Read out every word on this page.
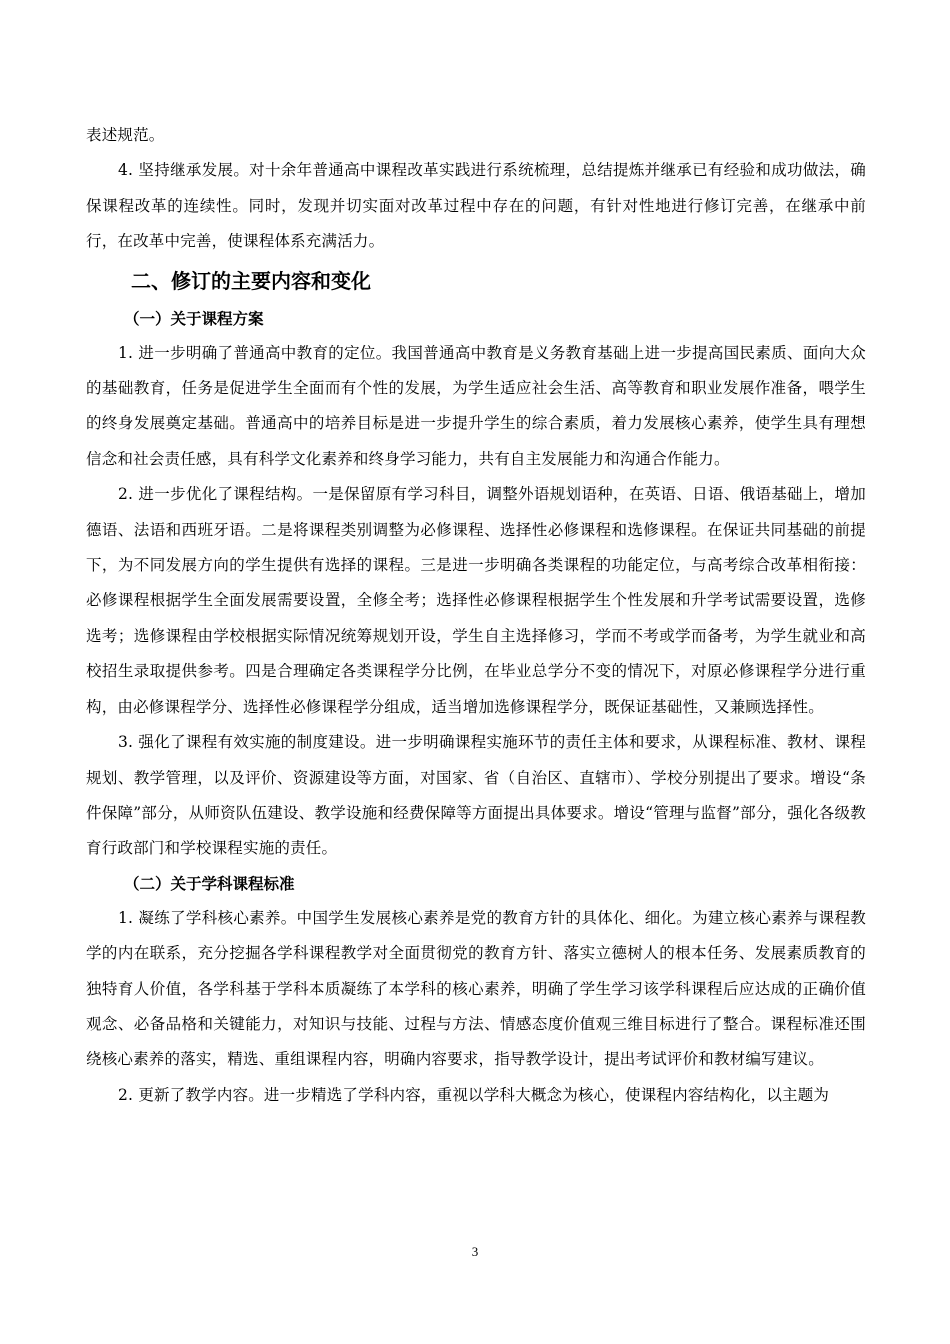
表述规范。

4. 坚持继承发展。对十余年普通高中课程改革实践进行系统梳理，总结提炼并继承已有经验和成功做法，确保课程改革的连续性。同时，发现并切实面对改革过程中存在的问题，有针对性地进行修订完善，在继承中前行，在改革中完善，使课程体系充满活力。

二、修订的主要内容和变化
（一）关于课程方案

1. 进一步明确了普通高中教育的定位。我国普通高中教育是义务教育基础上进一步提高国民素质、面向大众的基础教育，任务是促进学生全面而有个性的发展，为学生适应社会生活、高等教育和职业发展作准备，喂学生的终身发展奠定基础。普通高中的培养目标是进一步提升学生的综合素质，着力发展核心素养，使学生具有理想信念和社会责任感，具有科学文化素养和终身学习能力，共有自主发展能力和沟通合作能力。

2. 进一步优化了课程结构。一是保留原有学习科目，调整外语规划语种，在英语、日语、俄语基础上，增加德语、法语和西班牙语。二是将课程类别调整为必修课程、选择性必修课程和选修课程。在保证共同基础的前提下，为不同发展方向的学生提供有选择的课程。三是进一步明确各类课程的功能定位，与高考综合改革相衔接：必修课程根据学生全面发展需要设置，全修全考；选择性必修课程根据学生个性发展和升学考试需要设置，选修选考；选修课程由学校根据实际情况统筹规划开设，学生自主选择修习，学而不考或学而备考，为学生就业和高校招生录取提供参考。四是合理确定各类课程学分比例，在毕业总学分不变的情况下，对原必修课程学分进行重构，由必修课程学分、选择性必修课程学分组成，适当增加选修课程学分，既保证基础性，又兼顾选择性。

3. 强化了课程有效实施的制度建设。进一步明确课程实施环节的责任主体和要求，从课程标准、教材、课程规划、教学管理，以及评价、资源建设等方面，对国家、省（自治区、直辖市）、学校分别提出了要求。增设“条件保障”部分，从师资队伍建设、教学设施和经费保障等方面提出具体要求。增设“管理与监督”部分，强化各级教育行政部门和学校课程实施的责任。

（二）关于学科课程标准

1. 凝练了学科核心素养。中国学生发展核心素养是党的教育方针的具体化、细化。为建立核心素养与课程教学的内在联系，充分挖掘各学科课程教学对全面贯彻党的教育方针、落实立德树人的根本任务、发展素质教育的独特育人价值，各学科基于学科本质凝练了本学科的核心素养，明确了学生学习该学科课程后应达成的正确价值观念、必备品格和关键能力，对知识与技能、过程与方法、情感态度价值观三维目标进行了整合。课程标准还围绕核心素养的落实，精选、重组课程内容，明确内容要求，指导教学设计，提出考试评价和教材编写建议。

2. 更新了教学内容。进一步精选了学科内容，重视以学科大概念为核心，使课程内容结构化，以主题为

3
